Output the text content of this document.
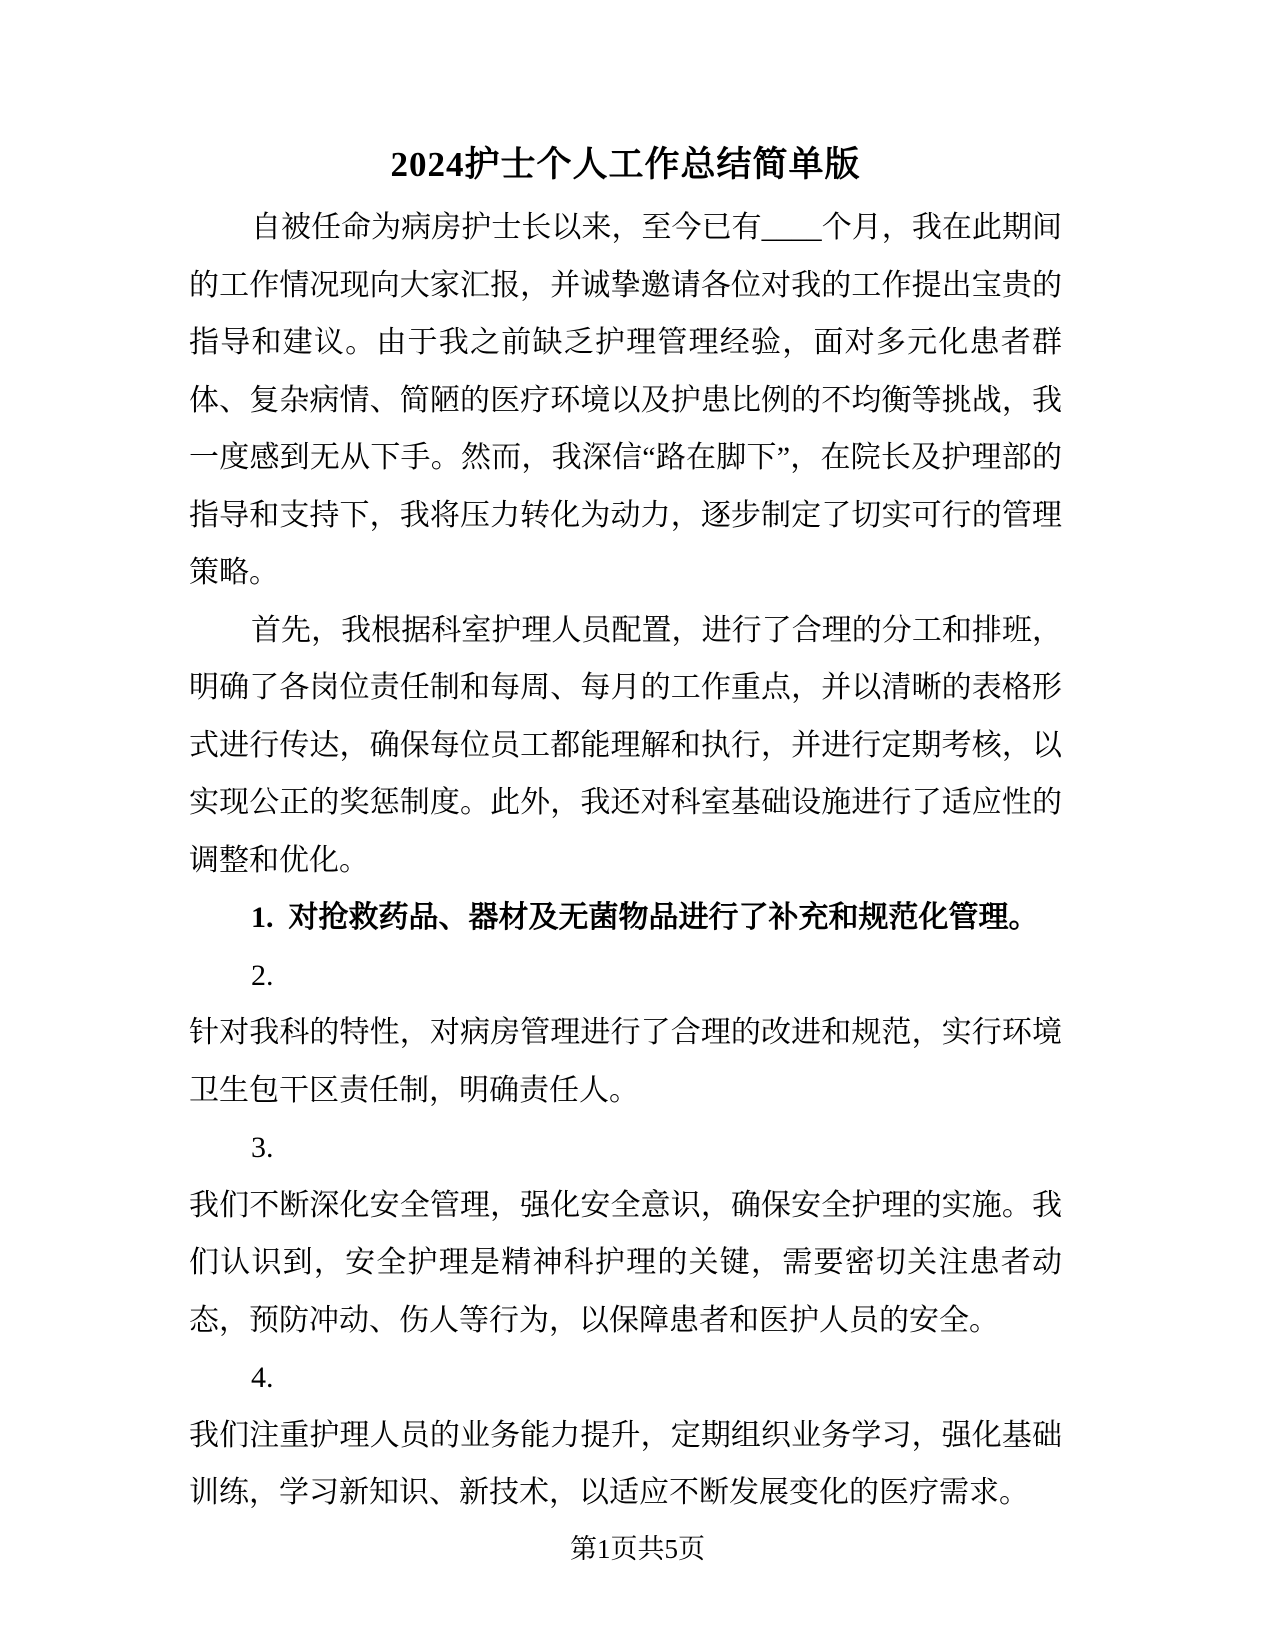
2024护士个人工作总结简单版

自被任命为病房护士长以来，至今已有____个月，我在此期间的工作情况现向大家汇报，并诚挚邀请各位对我的工作提出宝贵的指导和建议。由于我之前缺乏护理管理经验，面对多元化患者群体、复杂病情、简陋的医疗环境以及护患比例的不均衡等挑战，我一度感到无从下手。然而，我深信“路在脚下”，在院长及护理部的指导和支持下，我将压力转化为动力，逐步制定了切实可行的管理策略。

首先，我根据科室护理人员配置，进行了合理的分工和排班，明确了各岗位责任制和每周、每月的工作重点，并以清晰的表格形式进行传达，确保每位员工都能理解和执行，并进行定期考核，以实现公正的奖惩制度。此外，我还对科室基础设施进行了适应性的调整和优化。

1.  对抢救药品、器材及无菌物品进行了补充和规范化管理。

2.

针对我科的特性，对病房管理进行了合理的改进和规范，实行环境卫生包干区责任制，明确责任人。

3.

我们不断深化安全管理，强化安全意识，确保安全护理的实施。我们认识到，安全护理是精神科护理的关键，需要密切关注患者动态，预防冲动、伤人等行为，以保障患者和医护人员的安全。

4.

我们注重护理人员的业务能力提升，定期组织业务学习，强化基础训练，学习新知识、新技术，以适应不断发展变化的医疗需求。

第1页共5页
